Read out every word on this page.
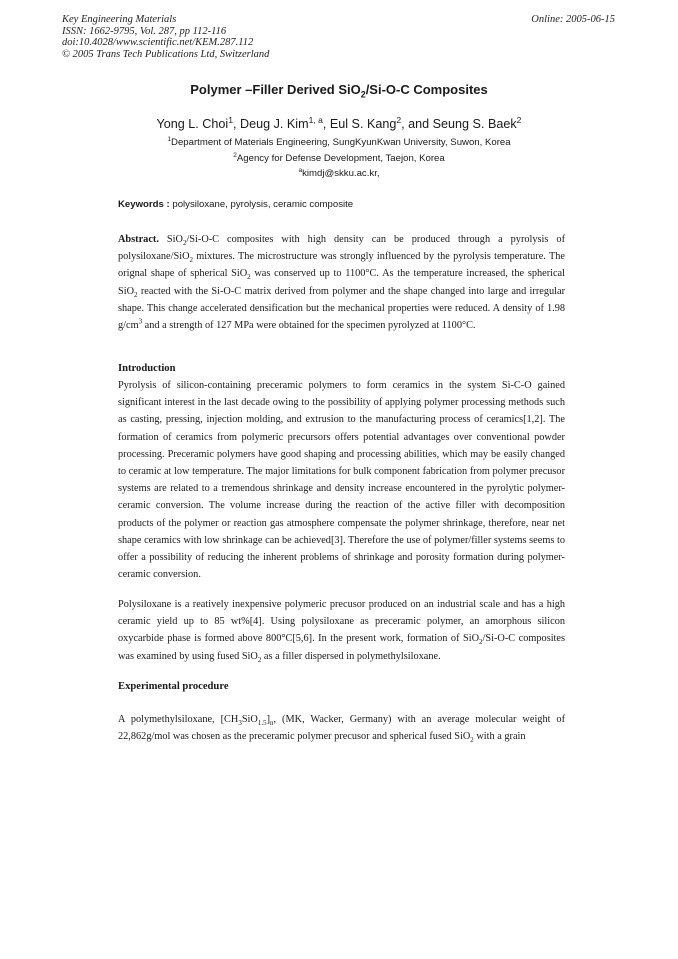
Key Engineering Materials
ISSN: 1662-9795, Vol. 287, pp 112-116
doi:10.4028/www.scientific.net/KEM.287.112
© 2005 Trans Tech Publications Ltd, Switzerland
Online: 2005-06-15
Polymer –Filler Derived SiO$_2$/Si-O-C Composites
Yong L. Choi$^1$, Deug J. Kim$^{1, a}$, Eul S. Kang$^2$, and Seung S. Baek$^2$
$^1$Department of Materials Engineering, SungKyunKwan University, Suwon, Korea
$^2$Agency for Defense Development, Taejon, Korea
$^a$kimdj@skku.ac.kr,
Keywords : polysiloxane, pyrolysis, ceramic composite
Abstract. SiO$_2$/Si-O-C composites with high density can be produced through a pyrolysis of polysiloxane/SiO$_2$ mixtures. The microstructure was strongly influenced by the pyrolysis temperature. The orignal shape of spherical SiO$_2$ was conserved up to 1100°C. As the temperature increased, the spherical SiO$_2$ reacted with the Si-O-C matrix derived from polymer and the shape changed into large and irregular shape. This change accelerated densification but the mechanical properties were reduced. A density of 1.98 $g/cm^3$ and a strength of 127 MPa were obtained for the specimen pyrolyzed at 1100°C.
Introduction
Pyrolysis of silicon-containing preceramic polymers to form ceramics in the system Si-C-O gained significant interest in the last decade owing to the possibility of applying polymer processing methods such as casting, pressing, injection molding, and extrusion to the manufacturing process of ceramics[1,2]. The formation of ceramics from polymeric precursors offers potential advantages over conventional powder processing. Preceramic polymers have good shaping and processing abilities, which may be easily changed to ceramic at low temperature. The major limitations for bulk component fabrication from polymer precusor systems are related to a tremendous shrinkage and density increase encountered in the pyrolytic polymer-ceramic conversion. The volume increase during the reaction of the active filler with decomposition products of the polymer or reaction gas atmosphere compensate the polymer shrinkage, therefore, near net shape ceramics with low shrinkage can be achieved[3]. Therefore the use of polymer/filler systems seems to offer a possibility of reducing the inherent problems of shrinkage and porosity formation during polymer-ceramic conversion.
Polysiloxane is a reatively inexpensive polymeric precusor produced on an industrial scale and has a high ceramic yield up to 85 wt%[4]. Using polysiloxane as preceramic polymer, an amorphous silicon oxycarbide phase is formed above 800°C[5,6]. In the present work, formation of SiO$_2$/Si-O-C composites was examined by using fused SiO$_2$ as a filler dispersed in polymethylsiloxane.
Experimental procedure
A polymethylsiloxane, $[CH_3SiO_{1.5}]_n$, (MK, Wacker, Germany) with an average molecular weight of 22,862g/mol was chosen as the preceramic polymer precusor and spherical fused SiO$_2$ with a grain
